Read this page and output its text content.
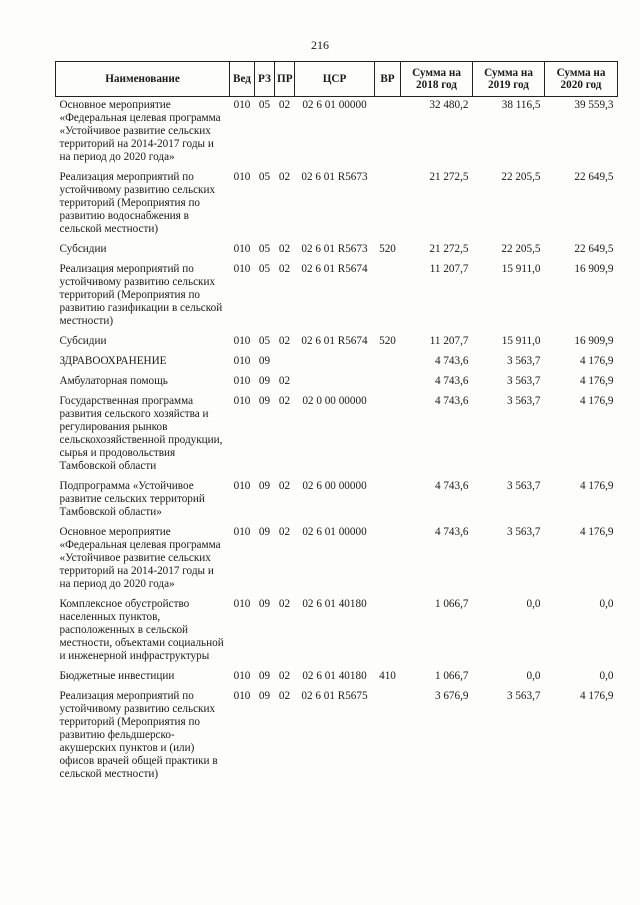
216
Наименование	Вед	РЗ	ПР	ЦСР	ВР	Сумма на 2018 год	Сумма на 2019 год	Сумма на 2020 год
Основное мероприятие «Федеральная целевая программа «Устойчивое развитие сельских территорий на 2014-2017 годы и на период до 2020 года»	010	05	02	02 6 01 00000		32 480,2	38 116,5	39 559,3
Реализация мероприятий по устойчивому развитию сельских территорий (Мероприятия по развитию водоснабжения в сельской местности)	010	05	02	02 6 01 R5673		21 272,5	22 205,5	22 649,5
Субсидии	010	05	02	02 6 01 R5673	520	21 272,5	22 205,5	22 649,5
Реализация мероприятий по устойчивому развитию сельских территорий (Мероприятия по развитию газификации в сельской местности)	010	05	02	02 6 01 R5674		11 207,7	15 911,0	16 909,9
Субсидии	010	05	02	02 6 01 R5674	520	11 207,7	15 911,0	16 909,9
ЗДРАВООХРАНЕНИЕ	010	09				4 743,6	3 563,7	4 176,9
Амбулаторная помощь	010	09	02			4 743,6	3 563,7	4 176,9
Государственная программа развития сельского хозяйства и регулирования рынков сельскохозяйственной продукции, сырья и продовольствия Тамбовской области	010	09	02	02 0 00 00000		4 743,6	3 563,7	4 176,9
Подпрограмма «Устойчивое развитие сельских территорий Тамбовской области»	010	09	02	02 6 00 00000		4 743,6	3 563,7	4 176,9
Основное мероприятие «Федеральная целевая программа «Устойчивое развитие сельских территорий на 2014-2017 годы и на период до 2020 года»	010	09	02	02 6 01 00000		4 743,6	3 563,7	4 176,9
Комплексное обустройство населенных пунктов, расположенных в сельской местности, объектами социальной и инженерной инфраструктуры	010	09	02	02 6 01 40180		1 066,7	0,0	0,0
Бюджетные инвестиции	010	09	02	02 6 01 40180	410	1 066,7	0,0	0,0
Реализация мероприятий по устойчивому развитию сельских территорий (Мероприятия по развитию фельдшерско-акушерских пунктов и (или) офисов врачей общей практики в сельской местности)	010	09	02	02 6 01 R5675		3 676,9	3 563,7	4 176,9
